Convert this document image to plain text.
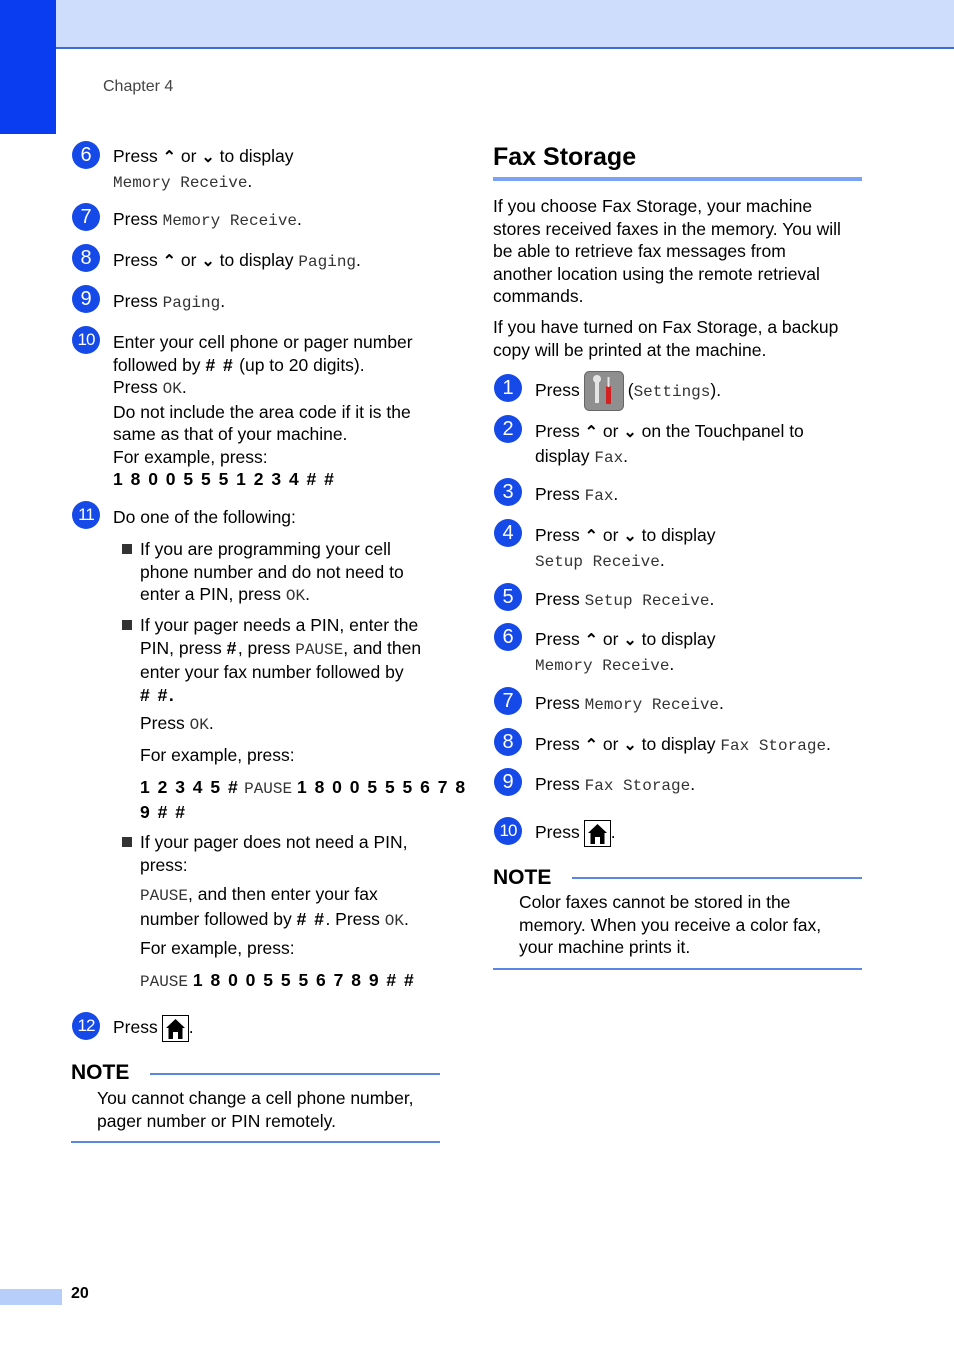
Chapter 4
6	Press ⌃ or ⌄ to display
Memory Receive.
7	Press Memory Receive.
8	Press ⌃ or ⌄ to display Paging.
9	Press Paging.
10	Enter your cell phone or pager number
followed by # # (up to 20 digits).
Press OK.
Do not include the area code if it is the
same as that of your machine.
For example, press:
1 8 0 0 5 5 5 1 2 3 4 # #
11	Do one of the following:
If you are programming your cell
phone number and do not need to
enter a PIN, press OK.
If your pager needs a PIN, enter the
PIN, press #, press PAUSE, and then
enter your fax number followed by
# #.
Press OK.
For example, press:
1 2 3 4 5 # PAUSE 1 8 0 0 5 5 5 6 7 8
9 # #
If your pager does not need a PIN,
press:
PAUSE, and then enter your fax
number followed by # #. Press OK.
For example, press:
PAUSE 1 8 0 0 5 5 5 6 7 8 9 # #
12	Press .
NOTE
You cannot change a cell phone number,
pager number or PIN remotely.
Fax Storage
If you choose Fax Storage, your machine
stores received faxes in the memory. You will
be able to retrieve fax messages from
another location using the remote retrieval
commands.
If you have turned on Fax Storage, a backup
copy will be printed at the machine.
1	Press	(Settings).
2	Press ⌃ or ⌄ on the Touchpanel to
display Fax.
3	Press Fax.
4	Press ⌃ or ⌄ to display
Setup Receive.
5	Press Setup Receive.
6	Press ⌃ or ⌄ to display
Memory Receive.
7	Press Memory Receive.
8	Press ⌃ or ⌄ to display Fax Storage.
9	Press Fax Storage.
10	Press .
NOTE
Color faxes cannot be stored in the
memory. When you receive a color fax,
your machine prints it.
20
